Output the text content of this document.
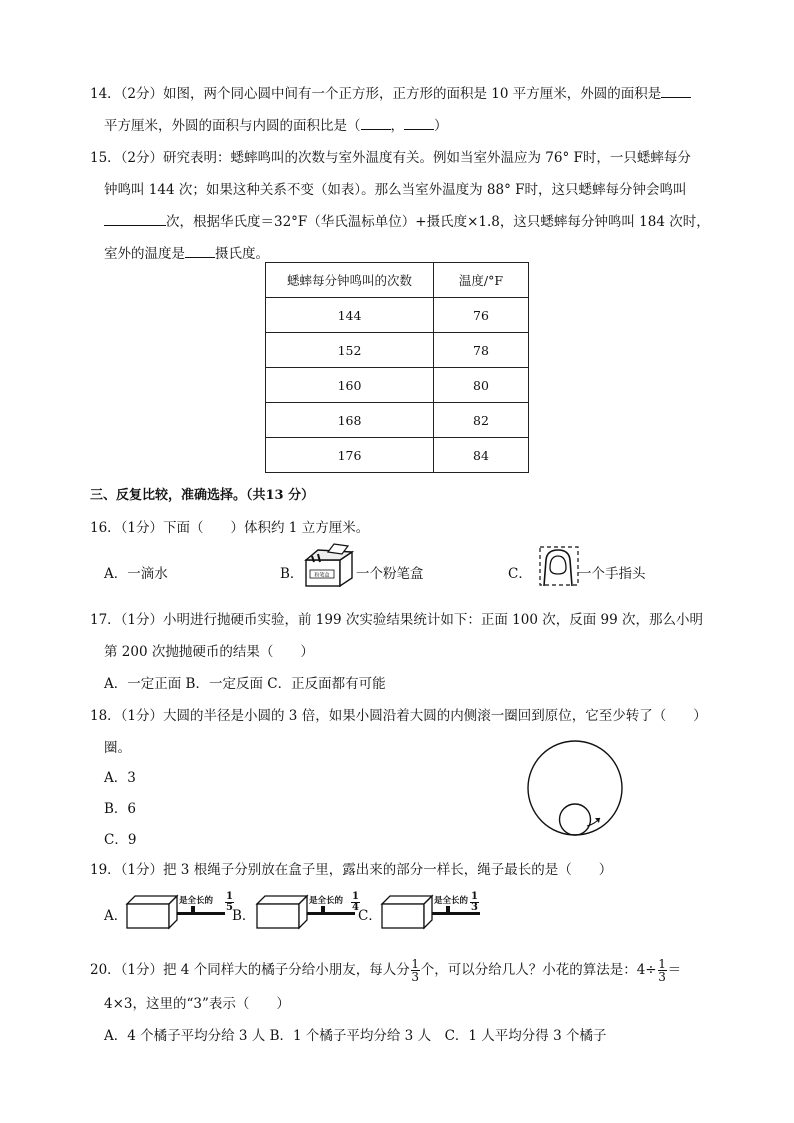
14．（2分）如图，两个同心圆中间有一个正方形，正方形的面积是 10 平方厘米，外圆的面积是
平方厘米，外圆的面积与内圆的面积比是（ ， ）
15．（2分）研究表明：蟋蟀鸣叫的次数与室外温度有关。例如当室外温应为 76° F时，一只蟋蟀每分
钟鸣叫 144 次；如果这种关系不变（如表）。那么当室外温度为 88° F时，这只蟋蟀每分钟会鸣叫
次，根据华氏度＝32°F（华氏温标单位）+摄氏度×1.8，这只蟋蟀每分钟鸣叫 184 次时，
室外的温度是 摄氏度。
蟋蟀每分钟鸣叫的次数	温度/°F
144	76
152	78
160	80
168	82
176	84
三、反复比较，准确选择。（共13 分）
16．（1分）下面（　　）体积约 1 立方厘米。
A．一滴水	B． 粉笔盒 一个粉笔盒	C．	一个手指头
17．（1分）小明进行抛硬币实验，前 199 次实验结果统计如下：正面 100 次，反面 99 次，那么小明
第 200 次抛抛硬币的结果（　　）
A．一定正面 B．一定反面 C．正反面都有可能
18．（1分）大圆的半径是小圆的 3 倍，如果小圆沿着大圆的内侧滚一圈回到原位，它至少转了（　　）
圈。
A．3
B．6
C．9
19．（1分）把 3 根绳子分别放在盒子里，露出来的部分一样长，绳子最长的是（　　）
A．
是全长的 1
5
B．
是全长的 1
4
C．
是全长的 1
3
20．（1分）把 4 个同样大的橘子分给小朋友，每人分 $\frac{1}{3}$ 个，可以分给几人？小花的算法是：$4\div \frac{1}{3}$ ＝
4×3，这里的“3”表示（　　）
A．4 个橘子平均分给 3 人 B．1 个橘子平均分给 3 人　C．1 人平均分得 3 个橘子
